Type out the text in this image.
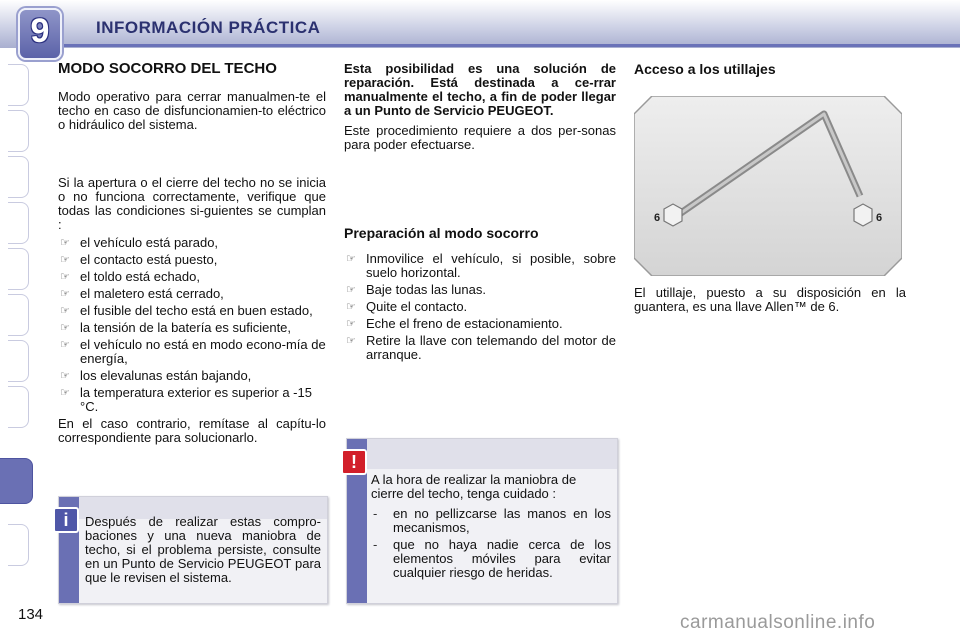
9	INFORMACIÓN PRÁCTICA

MODO SOCORRO DEL TECHO

Modo operativo para cerrar manualmen-te el techo en caso de disfuncionamien-to eléctrico o hidráulico del sistema.

Si la apertura o el cierre del techo no se inicia o no funciona correctamente, verifique que todas las condiciones si-guientes se cumplan :

☞ el vehículo está parado,
☞ el contacto está puesto,
☞ el toldo está echado,
☞ el maletero está cerrado,
☞ el fusible del techo está en buen estado,
☞ la tensión de la batería es suficiente,
☞ el vehículo no está en modo econo-mía de energía,
☞ los elevalunas están bajando,
☞ la temperatura exterior es superior a -15 °C.

En el caso contrario, remítase al capítu-lo correspondiente para solucionarlo.

i	Después de realizar estas compro-baciones y una nueva maniobra de techo, si el problema persiste, consulte en un Punto de Servicio PEUGEOT para que le revisen el sistema.

Esta posibilidad es una solución de reparación. Está destinada a ce-rrar manualmente el techo, a fin de poder llegar a un Punto de Servicio PEUGEOT.

Este procedimiento requiere a dos per-sonas para poder efectuarse.

Preparación al modo socorro

☞ Inmovilice el vehículo, si posible, sobre suelo horizontal.
☞ Baje todas las lunas.
☞ Quite el contacto.
☞ Eche el freno de estacionamiento.
☞ Retire la llave con telemando del motor de arranque.
!

A la hora de realizar la maniobra de cierre del techo, tenga cuidado :

- en no pellizcarse las manos en los mecanismos,
- que no haya nadie cerca de los elementos móviles para evitar cualquier riesgo de heridas.

Acceso a los utillajes

6	6
El utillaje, puesto a su disposición en la guantera, es una llave Allen™ de 6.
134	carmanualsonline.info
